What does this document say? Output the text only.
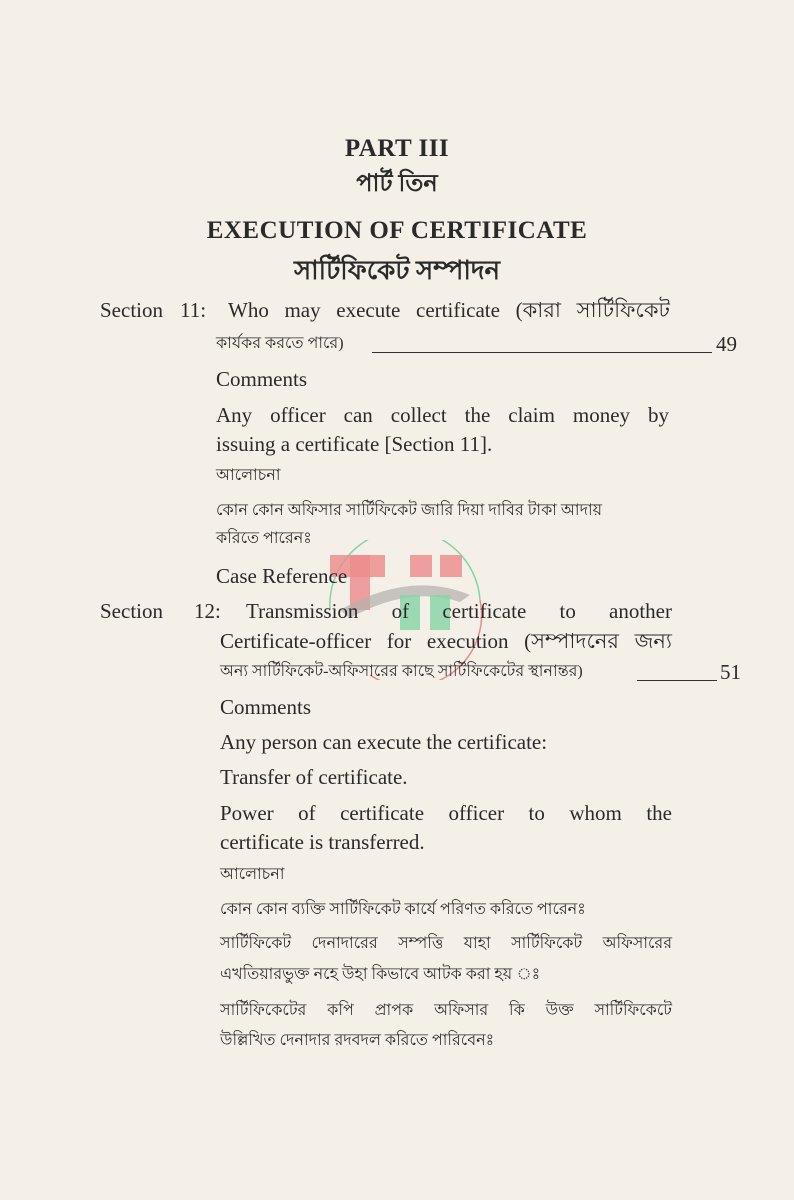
PART III
পার্ট তিন
EXECUTION OF CERTIFICATE
সার্টিফিকেট সম্পাদন
Section 11: Who may execute certificate (কারা সার্টিফিকেট
কার্যকর করতে পারে)	49
Comments
Any officer can collect the claim money by
issuing a certificate [Section 11].
আলোচনা
কোন কোন অফিসার সার্টিফিকেট জারি দিয়া দাবির টাকা আদায়
করিতে পারেনঃ
Case Reference
Section 12: Transmission of certificate to another
Certificate-officer for execution (সম্পাদনের জন্য
অন্য সার্টিফিকেট-অফিসারের কাছে সার্টিফিকেটের স্থানান্তর)	51
Comments
Any person can execute the certificate:
Transfer of certificate.
Power of certificate officer to whom the
certificate is transferred.
আলোচনা
কোন কোন ব্যক্তি সার্টিফিকেট কার্যে পরিণত করিতে পারেনঃ
সার্টিফিকেট দেনাদারের সম্পত্তি যাহা সার্টিফিকেট অফিসারের
এখতিয়ারভুক্ত নহে উহা কিভাবে আটক করা হয় ঃ
সার্টিফিকেটের কপি প্রাপক অফিসার কি উক্ত সার্টিফিকেটে
উল্লিখিত দেনাদার রদবদল করিতে পারিবেনঃ
